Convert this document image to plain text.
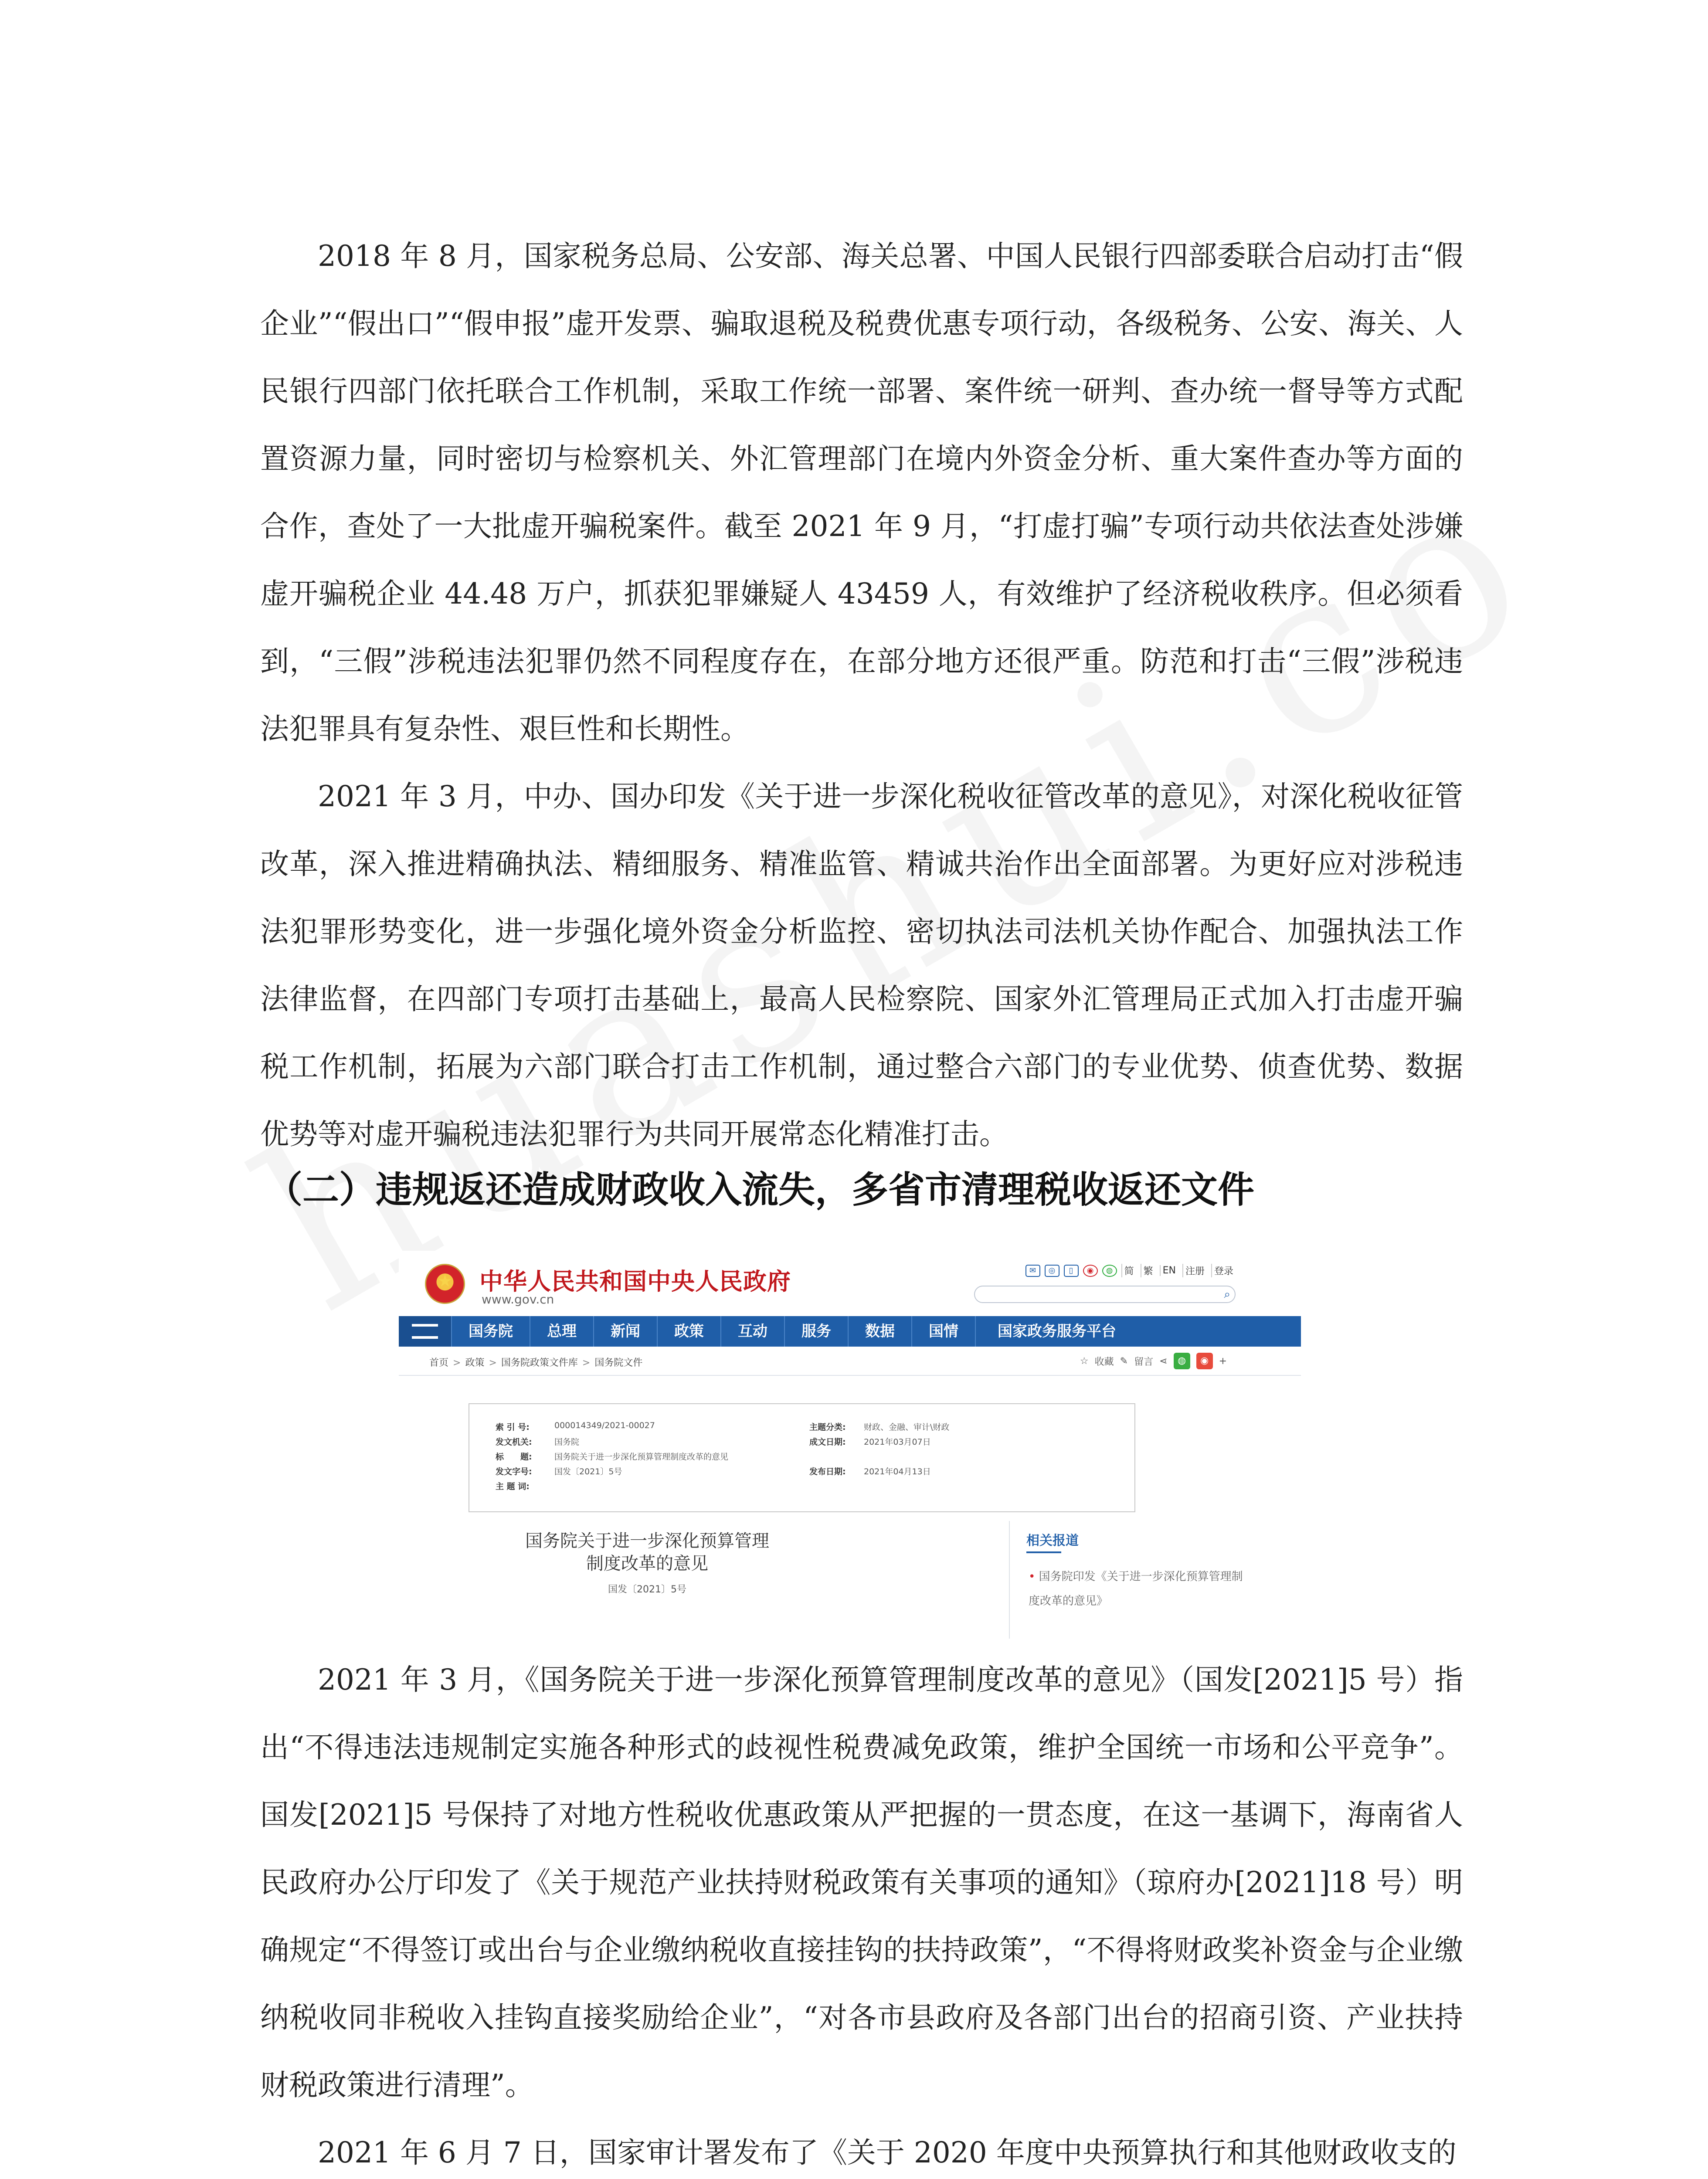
2018 年 8 月，国家税务总局、公安部、海关总署、中国人民银行四部委联合启动打击“假企业”“假出口”“假申报”虚开发票、骗取退税及税费优惠专项行动，各级税务、公安、海关、人民银行四部门依托联合工作机制，采取工作统一部署、案件统一研判、查办统一督导等方式配置资源力量，同时密切与检察机关、外汇管理部门在境内外资金分析、重大案件查办等方面的合作，查处了一大批虚开骗税案件。截至 2021 年 9 月，“打虚打骗”专项行动共依法查处涉嫌虚开骗税企业 44.48 万户，抓获犯罪嫌疑人 43459 人，有效维护了经济税收秩序。但必须看到，“三假”涉税违法犯罪仍然不同程度存在，在部分地方还很严重。防范和打击“三假”涉税违法犯罪具有复杂性、艰巨性和长期性。

2021 年 3 月，中办、国办印发《关于进一步深化税收征管改革的意见》，对深化税收征管改革，深入推进精确执法、精细服务、精准监管、精诚共治作出全面部署。为更好应对涉税违法犯罪形势变化，进一步强化境外资金分析监控、密切执法司法机关协作配合、加强执法工作法律监督，在四部门专项打击基础上，最高人民检察院、国家外汇管理局正式加入打击虚开骗税工作机制，拓展为六部门联合打击工作机制，通过整合六部门的专业优势、侦查优势、数据优势等对虚开骗税违法犯罪行为共同开展常态化精准打击。

（二）违规返还造成财政收入流失，多省市清理税收返还文件
★
中华人民共和国中央人民政府
www.gov.cn
✉	◎	▯	◉	◍	简	繁	EN	注册	登录
⌕
国务院	总理	新闻	政策	互动	服务	数据	国情	国家政务服务平台
首页 > 政策 > 国务院政策文件库 > 国务院文件	☆ 收藏 ✎ 留言 ⋖	◍	◉	+
索 引 号:	000014349/2021-00027	主题分类: 财政、金融、审计\财政
发文机关:	国务院	成文日期: 2021年03月07日
标　　题:	国务院关于进一步深化预算管理制度改革的意见
发文字号:	国发〔2021〕5号	发布日期: 2021年04月13日
主 题 词:
国务院关于进一步深化预算管理制度改革的意见
国发〔2021〕5号
相关报道
• 国务院印发《关于进一步深化预算管理制度改革的意见》

2021 年 3 月，《国务院关于进一步深化预算管理制度改革的意见》（国发[2021]5 号）指出“不得违法违规制定实施各种形式的歧视性税费减免政策，维护全国统一市场和公平竞争”。国发[2021]5 号保持了对地方性税收优惠政策从严把握的一贯态度，在这一基调下，海南省人民政府办公厅印发了《关于规范产业扶持财税政策有关事项的通知》（琼府办[2021]18 号）明确规定“不得签订或出台与企业缴纳税收直接挂钩的扶持政策”，“不得将财政奖补资金与企业缴纳税收同非税收入挂钩直接奖励给企业”，“对各市县政府及各部门出台的招商引资、产业扶持财税政策进行清理”。

2021 年 6 月 7 日，国家审计署发布了《关于 2020 年度中央预算执行和其他财政收支的
